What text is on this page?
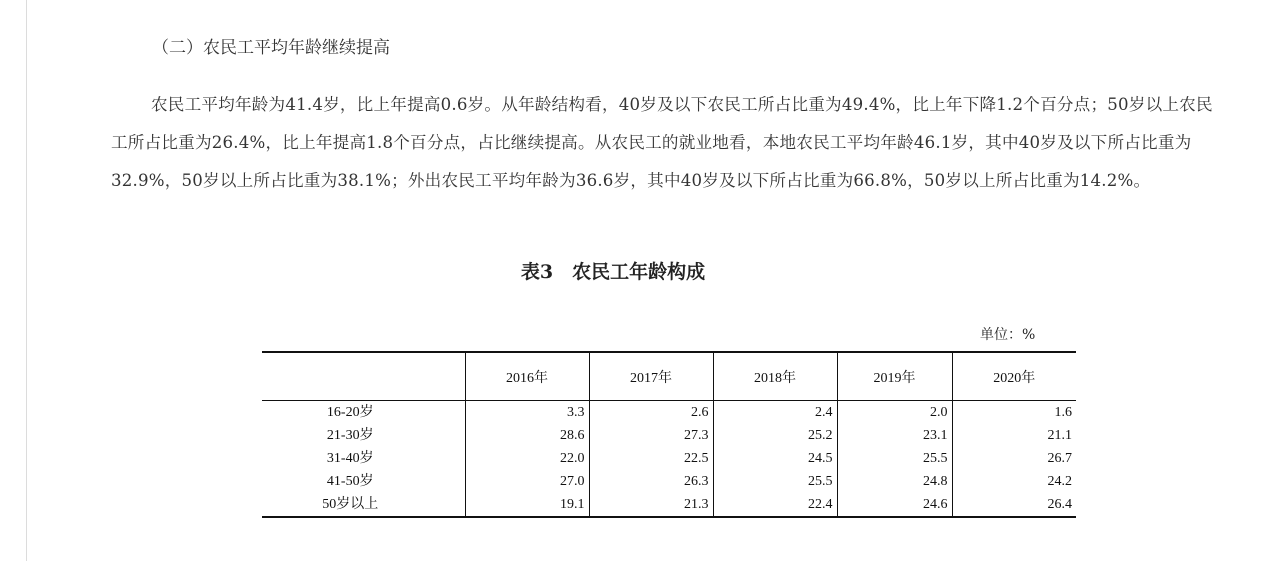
（二）农民工平均年龄继续提高

农民工平均年龄为41.4岁，比上年提高0.6岁。从年龄结构看，40岁及以下农民工所占比重为49.4%，比上年下降1.2个百分点；50岁以上农民工所占比重为26.4%，比上年提高1.8个百分点，占比继续提高。从农民工的就业地看，本地农民工平均年龄46.1岁，其中40岁及以下所占比重为32.9%，50岁以上所占比重为38.1%；外出农民工平均年龄为36.6岁，其中40岁及以下所占比重为66.8%，50岁以上所占比重为14.2%。

表3　农民工年龄构成
单位：%
	2016年	2017年	2018年	2019年	2020年
16-20岁	3.3	2.6	2.4	2.0	1.6
21-30岁	28.6	27.3	25.2	23.1	21.1
31-40岁	22.0	22.5	24.5	25.5	26.7
41-50岁	27.0	26.3	25.5	24.8	24.2
50岁以上	19.1	21.3	22.4	24.6	26.4
